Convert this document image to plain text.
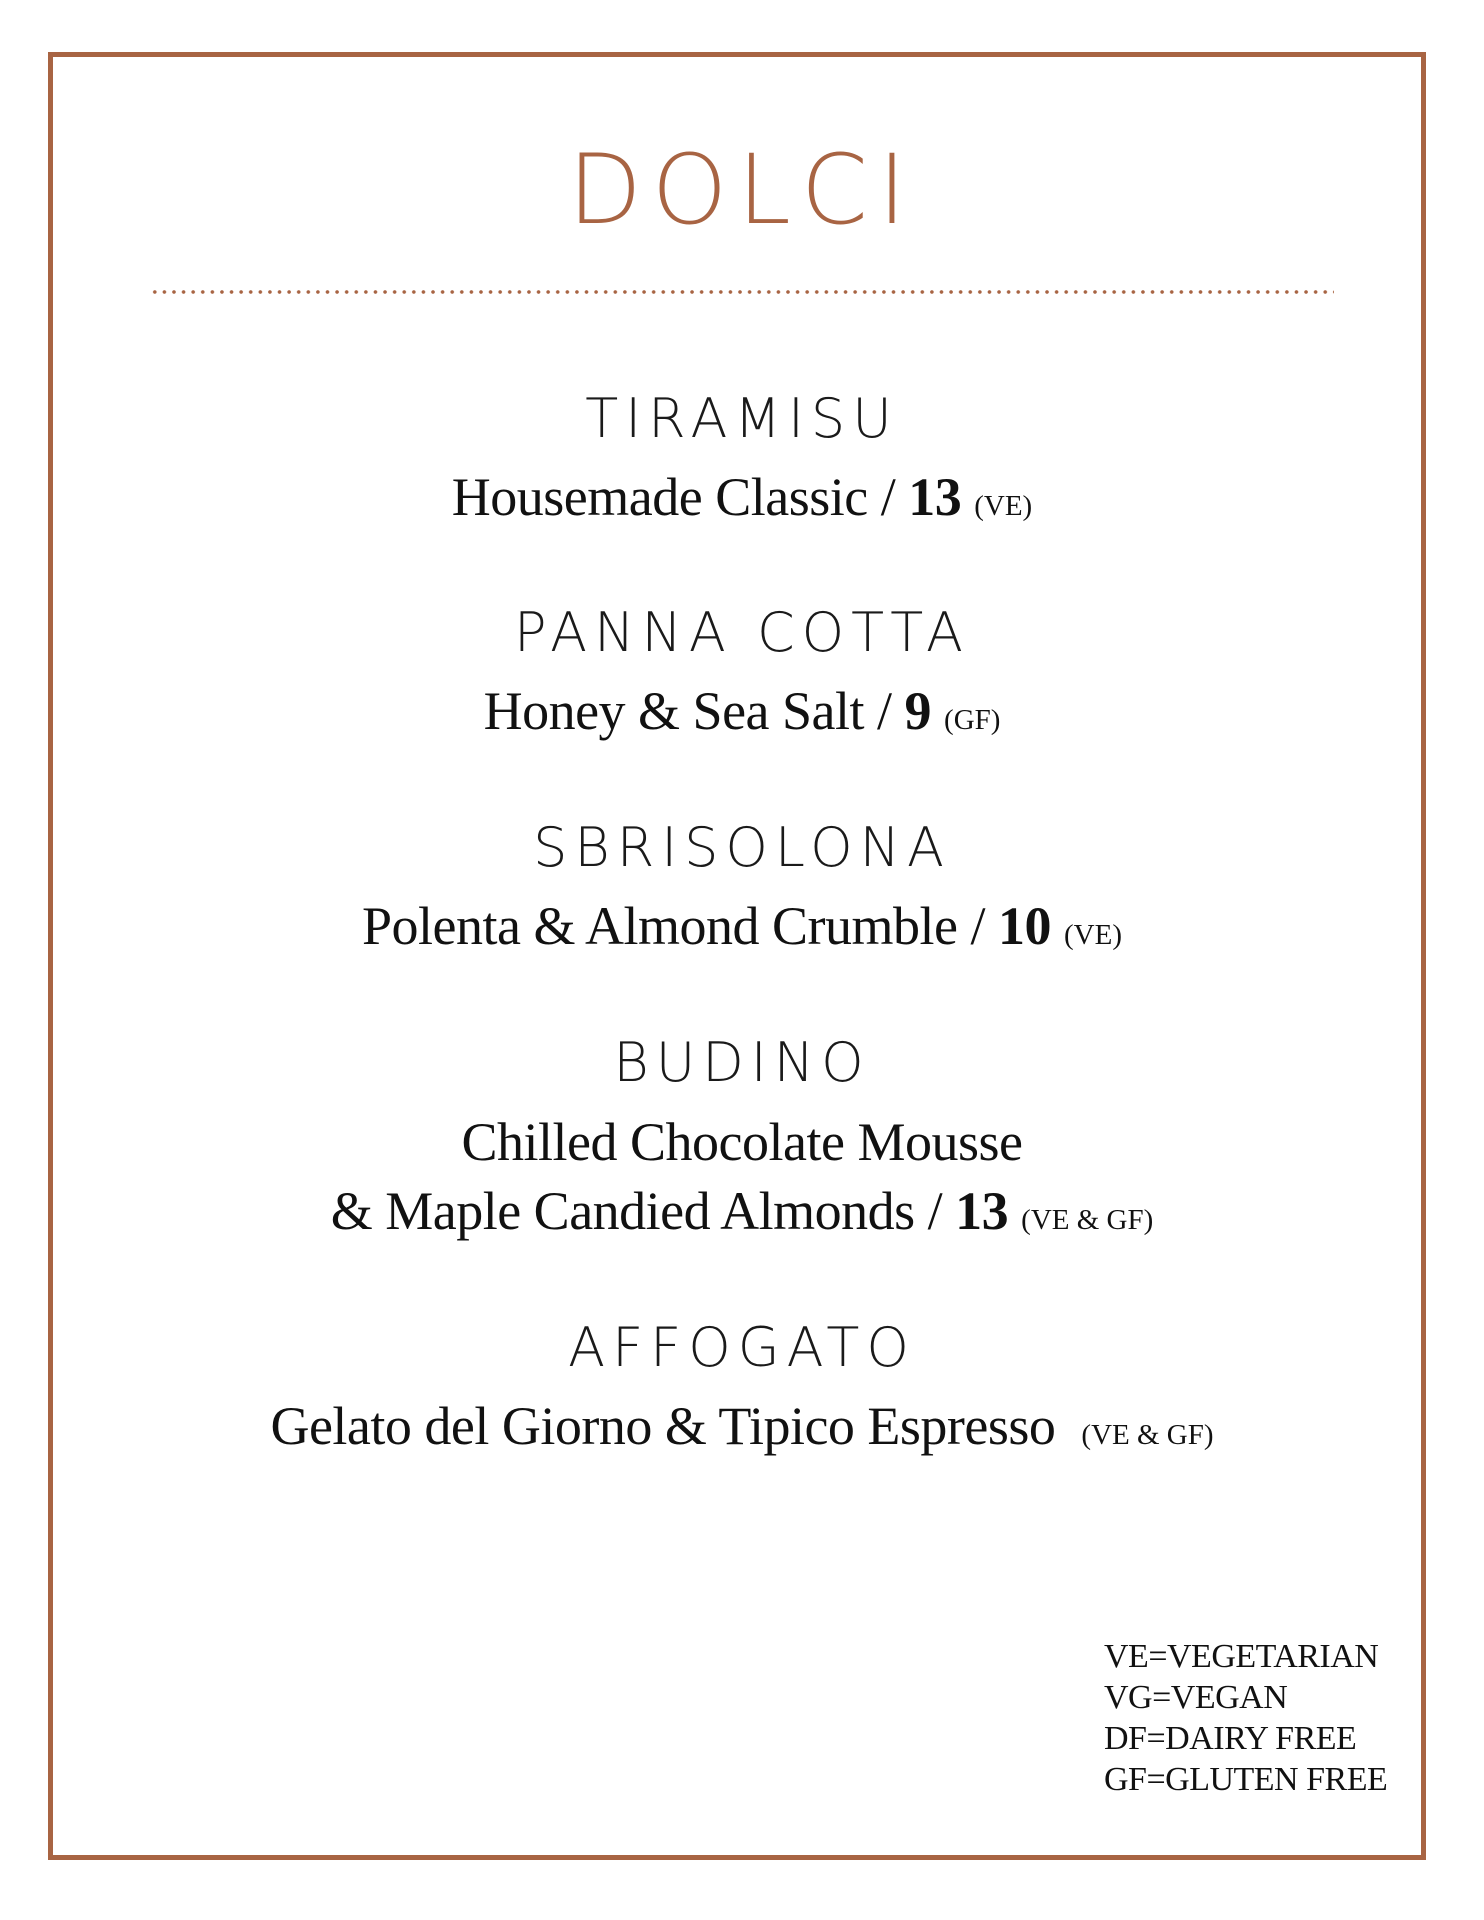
DOLCI
TIRAMISU
Housemade Classic / 13 (VE)
PANNA COTTA
Honey & Sea Salt / 9 (GF)
SBRISOLONA
Polenta & Almond Crumble / 10 (VE)
BUDINO
Chilled Chocolate Mousse
& Maple Candied Almonds / 13 (VE & GF)
AFFOGATO
Gelato del Giorno & Tipico Espresso (VE & GF)
VE=VEGETARIAN
VG=VEGAN
DF=DAIRY FREE
GF=GLUTEN FREE
